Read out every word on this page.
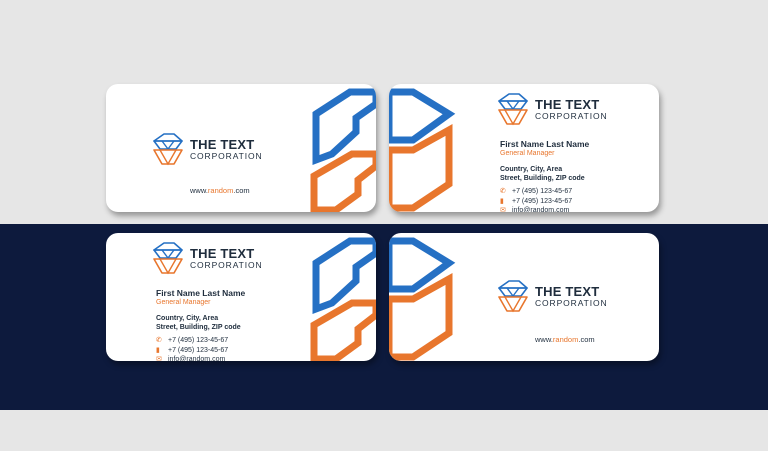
THE TEXT
CORPORATION
www.random.com
THE TEXT
CORPORATION
First Name Last Name
General Manager
Country, City, Area
Street, Building, ZIP code
✆ +7 (495) 123-45-67
▮	+7 (495) 123-45-67
✉ info@random.com
THE TEXT
CORPORATION
First Name Last Name
General Manager
Country, City, Area
Street, Building, ZIP code
✆ +7 (495) 123-45-67
▮	+7 (495) 123-45-67
✉ info@random.com
THE TEXT
CORPORATION
www.random.com
